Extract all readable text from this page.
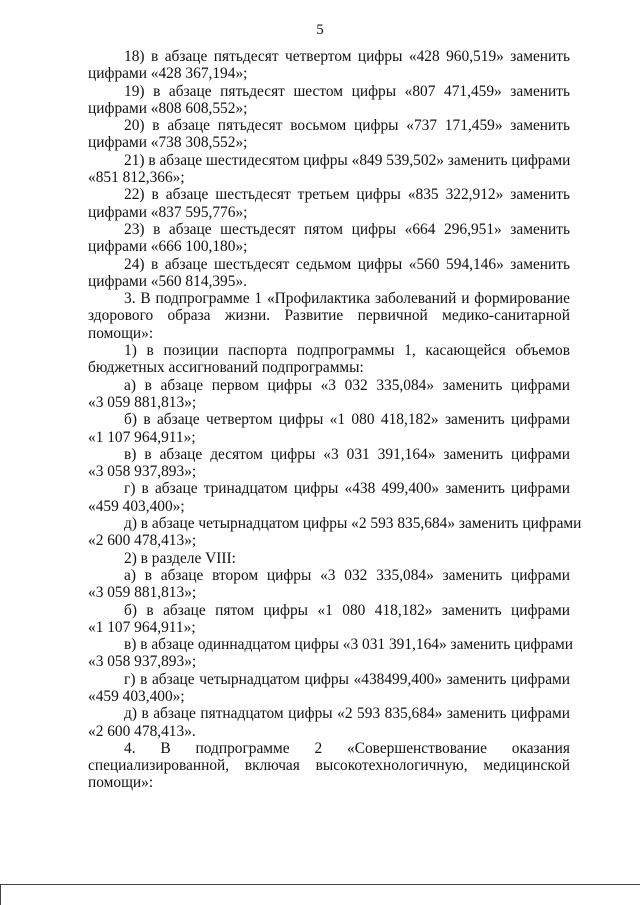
5
18) в абзаце пятьдесят четвертом цифры «428 960,519» заменить
цифрами «428 367,194»;
19) в абзаце пятьдесят шестом цифры «807 471,459» заменить
цифрами «808 608,552»;
20) в абзаце пятьдесят восьмом цифры «737 171,459» заменить
цифрами «738 308,552»;
21) в абзаце шестидесятом цифры «849 539,502» заменить цифрами
«851 812,366»;
22) в абзаце шестьдесят третьем цифры «835 322,912» заменить
цифрами «837 595,776»;
23) в абзаце шестьдесят пятом цифры «664 296,951» заменить
цифрами «666 100,180»;
24) в абзаце шестьдесят седьмом цифры «560 594,146» заменить
цифрами «560 814,395».
3. В подпрограмме 1 «Профилактика заболеваний и формирование
здорового образа жизни. Развитие первичной медико-санитарной
помощи»:
1) в позиции паспорта подпрограммы 1, касающейся объемов
бюджетных ассигнований подпрограммы:
а) в абзаце первом цифры «3 032 335,084» заменить цифрами
«3 059 881,813»;
б) в абзаце четвертом цифры «1 080 418,182» заменить цифрами
«1 107 964,911»;
в) в абзаце десятом цифры «3 031 391,164» заменить цифрами
«3 058 937,893»;
г) в абзаце тринадцатом цифры «438 499,400» заменить цифрами
«459 403,400»;
д) в абзаце четырнадцатом цифры «2 593 835,684» заменить цифрами
«2 600 478,413»;
2) в разделе VIII:
а) в абзаце втором цифры «3 032 335,084» заменить цифрами
«3 059 881,813»;
б) в абзаце пятом цифры «1 080 418,182» заменить цифрами
«1 107 964,911»;
в) в абзаце одиннадцатом цифры «3 031 391,164» заменить цифрами
«3 058 937,893»;
г) в абзаце четырнадцатом цифры «438499,400» заменить цифрами
«459 403,400»;
д) в абзаце пятнадцатом цифры «2 593 835,684» заменить цифрами
«2 600 478,413».
4. В подпрограмме 2 «Совершенствование оказания
специализированной, включая высокотехнологичную, медицинской
помощи»:
